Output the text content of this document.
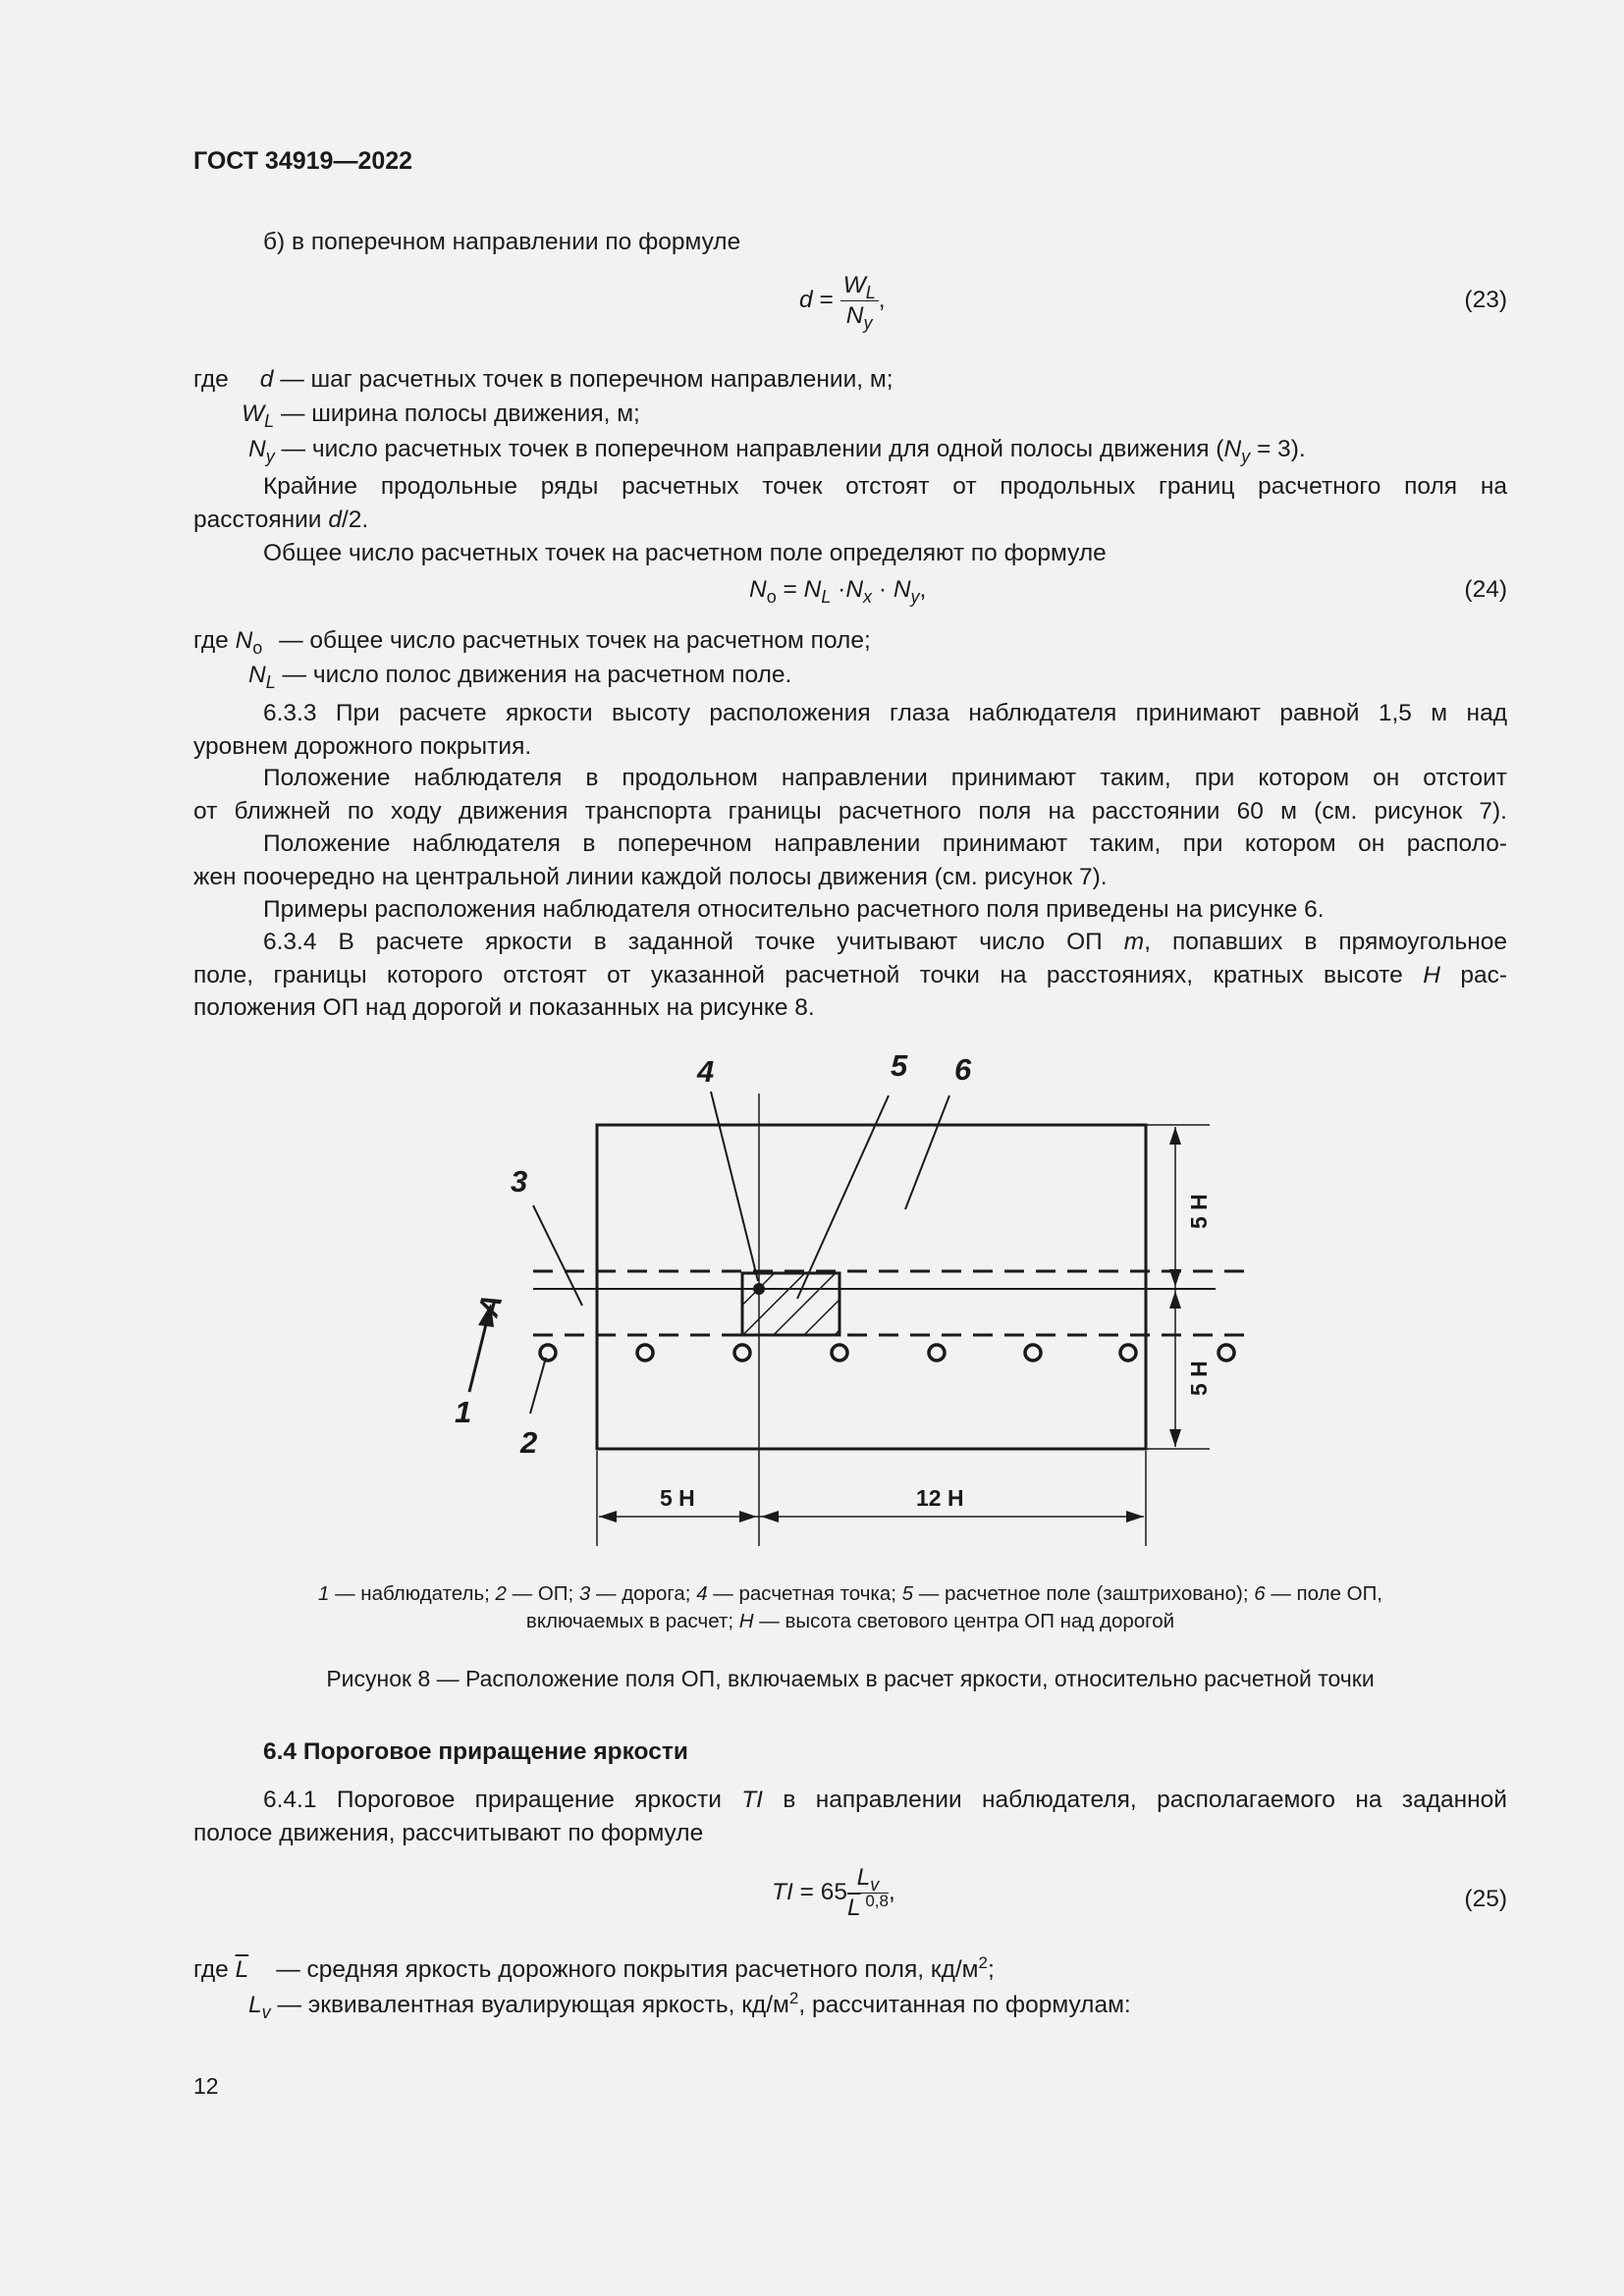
ГОСТ 34919—2022
б) в поперечном направлении по формуле
$d = \frac{W_L}{N_y}$ ,	(23)
где d — шаг расчетных точек в поперечном направлении, м;
$W_L$ — ширина полосы движения, м;
$N_y$ — число расчетных точек в поперечном направлении для одной полосы движения $(N_y = 3)$.
Крайние продольные ряды расчетных точек отстоят от продольных границ расчетного поля на
расстоянии d/2.
Общее число расчетных точек на расчетном поле определяют по формуле
$N_o = N_L \cdot N_x \cdot N_y$,	(24)
где $N_o$ — общее число расчетных точек на расчетном поле;
$N_L$ — число полос движения на расчетном поле.
6.3.3 При расчете яркости высоту расположения глаза наблюдателя принимают равной 1,5 м над
уровнем дорожного покрытия.
Положение наблюдателя в продольном направлении принимают таким, при котором он отстоит
от ближней по ходу движения транспорта границы расчетного поля на расстоянии 60 м (см. рисунок 7).
Положение наблюдателя в поперечном направлении принимают таким, при котором он располо-
жен поочередно на центральной линии каждой полосы движения (см. рисунок 7).
Примеры расположения наблюдателя относительно расчетного поля приведены на рисунке 6.
6.3.4 В расчете яркости в заданной точке учитывают число ОП m, попавших в прямоугольное
поле, границы которого отстоят от указанной расчетной точки на расстояниях, кратных высоте H рас-
положения ОП над дорогой и показанных на рисунке 8.
4	5 6
3
1
2
A
5 H
5 H
5 H	12 H
1 — наблюдатель; 2 — ОП; 3 — дорога; 4 — расчетная точка; 5 — расчетное поле (заштриховано); 6 — поле ОП,
включаемых в расчет; H — высота светового центра ОП над дорогой
Рисунок 8 — Расположение поля ОП, включаемых в расчет яркости, относительно расчетной точки
6.4 Пороговое приращение яркости
6.4.1 Пороговое приращение яркости TI в направлении наблюдателя, располагаемого на заданной
полосе движения, рассчитывают по формуле
TI = $65 \frac{L_v}{\overline{L} ^{0,8}}$ ,	(25)
где $\overline{L}$ — средняя яркость дорожного покрытия расчетного поля, $кд/м^2$;
$L_v$ — эквивалентная вуалирующая яркость, $кд/м^2$, рассчитанная по формулам:
12
